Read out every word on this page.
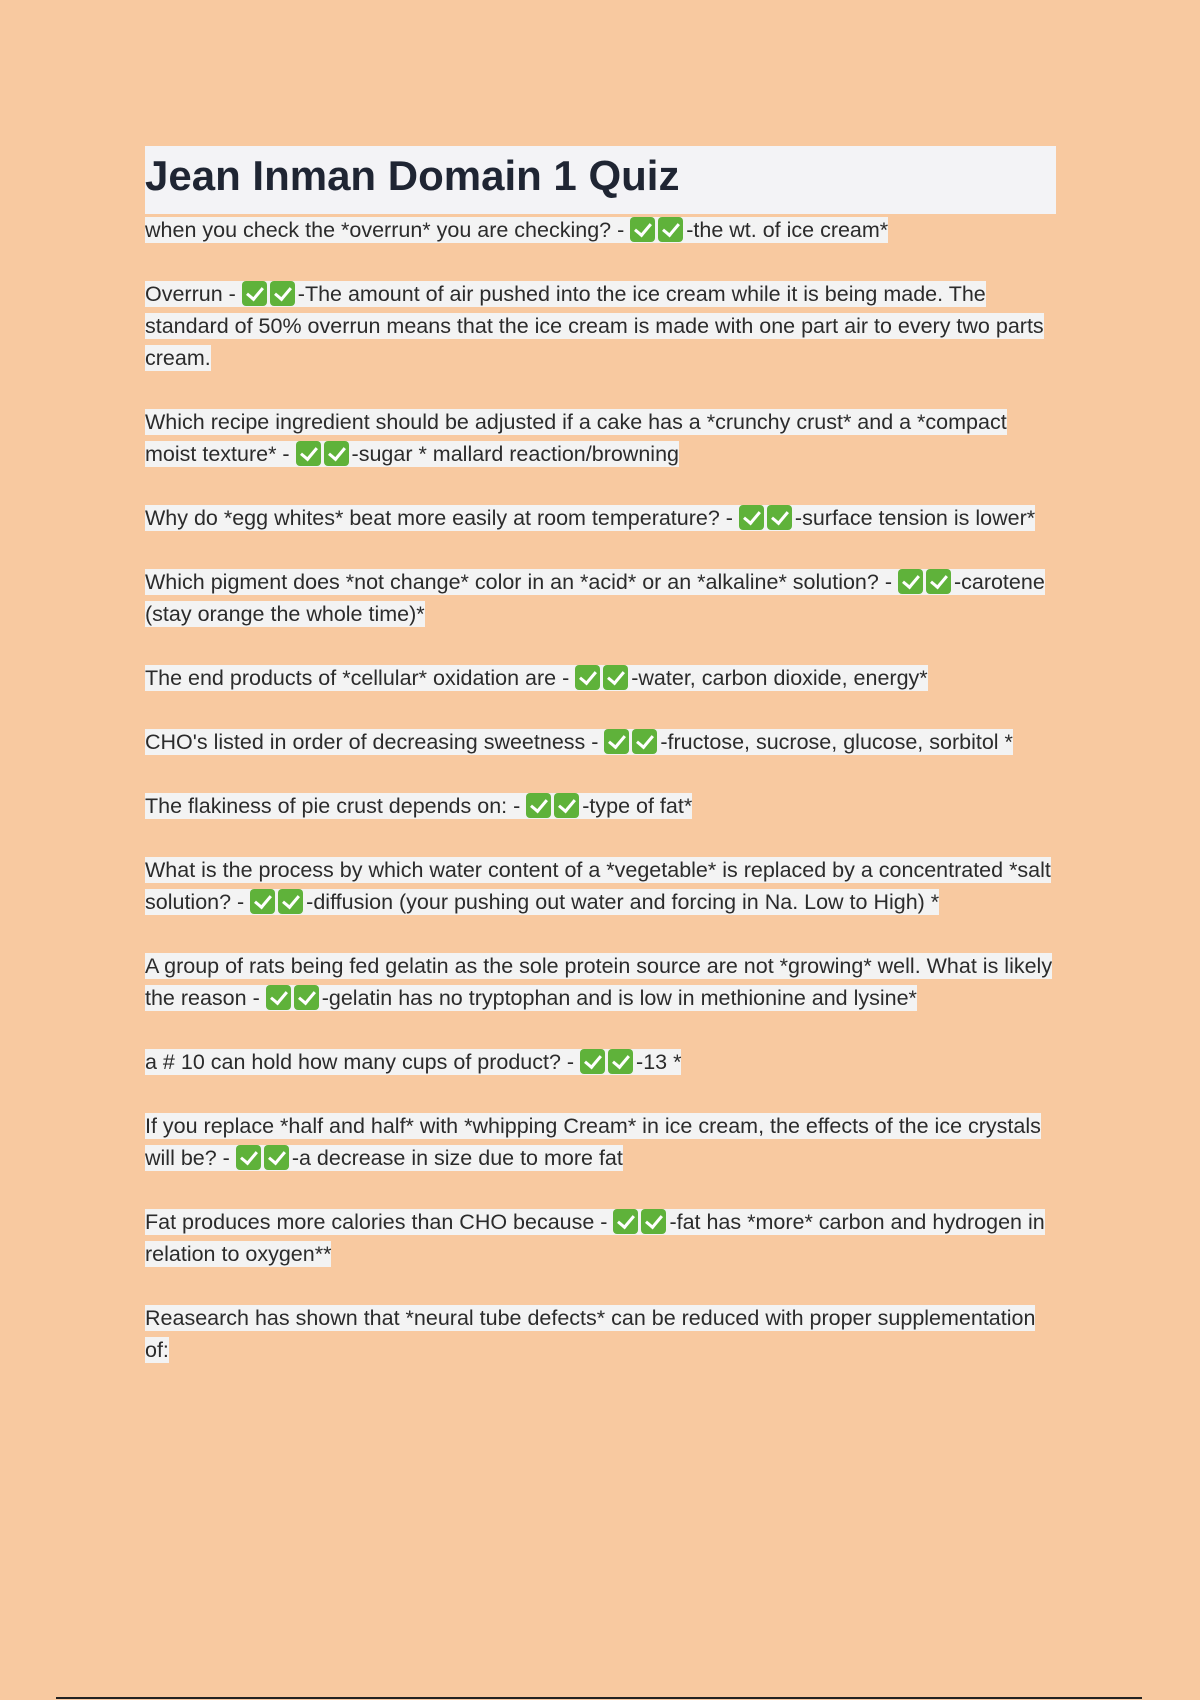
Jean Inman Domain 1 Quiz

when you check the *overrun* you are checking? -	-the wt. of ice cream*

Overrun -	-The amount of air pushed into the ice cream while it is being made. The standard of 50% overrun means that the ice cream is made with one part air to every two parts cream.

Which recipe ingredient should be adjusted if a cake has a *crunchy crust* and a *compact moist texture* -	-sugar * mallard reaction/browning

Why do *egg whites* beat more easily at room temperature? -	-surface tension is lower*

Which pigment does *not change* color in an *acid* or an *alkaline* solution? -	-carotene (stay orange the whole time)*

The end products of *cellular* oxidation are -	-water, carbon dioxide, energy*

CHO's listed in order of decreasing sweetness -	-fructose, sucrose, glucose, sorbitol *

The flakiness of pie crust depends on: -	-type of fat*

What is the process by which water content of a *vegetable* is replaced by a concentrated *salt solution? -	-diffusion (your pushing out water and forcing in Na. Low to High) *

A group of rats being fed gelatin as the sole protein source are not *growing* well. What is likely the reason -	-gelatin has no tryptophan and is low in methionine and lysine*

a # 10 can hold how many cups of product? -	-13 *

If you replace *half and half* with *whipping Cream* in ice cream, the effects of the ice crystals will be? -	-a decrease in size due to more fat

Fat produces more calories than CHO because -	-fat has *more* carbon and hydrogen in relation to oxygen**

Reasearch has shown that *neural tube defects* can be reduced with proper supplementation of:
